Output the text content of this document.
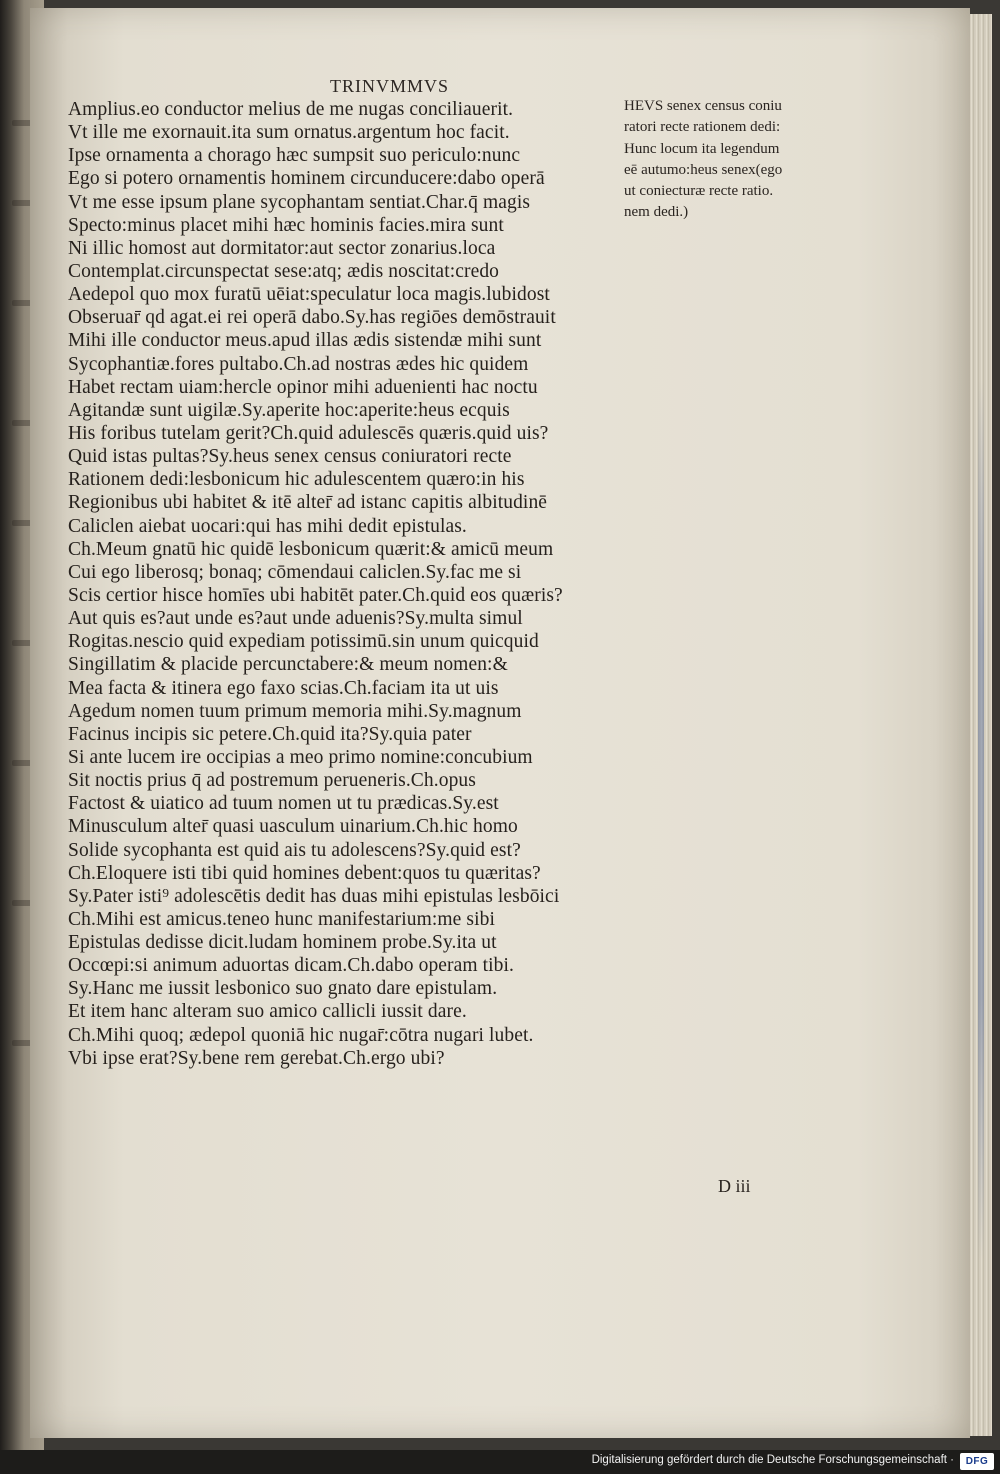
TRINVMMVS
Amplius.eo conductor melius de me nugas conciliauerit.
Vt ille me exornauit.ita sum ornatus.argentum hoc facit.
Ipse ornamenta a chorago hæc sumpsit suo periculo:nunc
Ego si potero ornamentis hominem circunducere:dabo operā
Vt me esse ipsum plane sycophantam sentiat.Char.q̄ magis
Specto:minus placet mihi hæc hominis facies.mira sunt
Ni illic homost aut dormitator:aut sector zonarius.loca
Contemplat.circunspectat sese:atq; ædis noscitat:credo
Aedepol quo mox furatū uēiat:speculatur loca magis.lubidost
Obseruar̄ qd agat.ei rei operā dabo.Sy.has regiōes demōstrauit
Mihi ille conductor meus.apud illas ædis sistendæ mihi sunt
Sycophantiæ.fores pultabo.Ch.ad nostras ædes hic quidem
Habet rectam uiam:hercle opinor mihi aduenienti hac noctu
Agitandæ sunt uigilæ.Sy.aperite hoc:aperite:heus ecquis
His foribus tutelam gerit?Ch.quid adulescēs quæris.quid uis?
Quid istas pultas?Sy.heus senex census coniuratori recte
Rationem dedi:lesbonicum hic adulescentem quæro:in his
Regionibus ubi habitet & itē alter̄ ad istanc capitis albitudinē
Caliclen aiebat uocari:qui has mihi dedit epistulas.
Ch.Meum gnatū hic quidē lesbonicum quærit:& amicū meum
Cui ego liberosq; bonaq; cōmendaui caliclen.Sy.fac me si
Scis certior hisce homīes ubi habitēt pater.Ch.quid eos quæris?
Aut quis es?aut unde es?aut unde aduenis?Sy.multa simul
Rogitas.nescio quid expediam potissimū.sin unum quicquid
Singillatim & placide percunctabere:& meum nomen:&
Mea facta & itinera ego faxo scias.Ch.faciam ita ut uis
Agedum nomen tuum primum memoria mihi.Sy.magnum
Facinus incipis sic petere.Ch.quid ita?Sy.quia pater
Si ante lucem ire occipias a meo primo nomine:concubium
Sit noctis prius q̄ ad postremum perueneris.Ch.opus
Factost & uiatico ad tuum nomen ut tu prædicas.Sy.est
Minusculum alter̄ quasi uasculum uinarium.Ch.hic homo
Solide sycophanta est quid ais tu adolescens?Sy.quid est?
Ch.Eloquere isti tibi quid homines debent:quos tu quæritas?
Sy.Pater isti⁹ adolescētis dedit has duas mihi epistulas lesbōici
Ch.Mihi est amicus.teneo hunc manifestarium:me sibi
Epistulas dedisse dicit.ludam hominem probe.Sy.ita ut
Occœpi:si animum aduortas dicam.Ch.dabo operam tibi.
Sy.Hanc me iussit lesbonico suo gnato dare epistulam.
Et item hanc alteram suo amico callicli iussit dare.
Ch.Mihi quoq; ædepol quoniā hic nugar̄:cōtra nugari lubet.
Vbi ipse erat?Sy.bene rem gerebat.Ch.ergo ubi?
HEVS senex census coniu
ratori recte rationem dedi:
Hunc locum ita legendum
eē autumo:heus senex(ego
ut coniecturæ recte ratio.
nem dedi.)
D iii
Digitalisierung gefördert durch die Deutsche Forschungsgemeinschaft ·	DFG
